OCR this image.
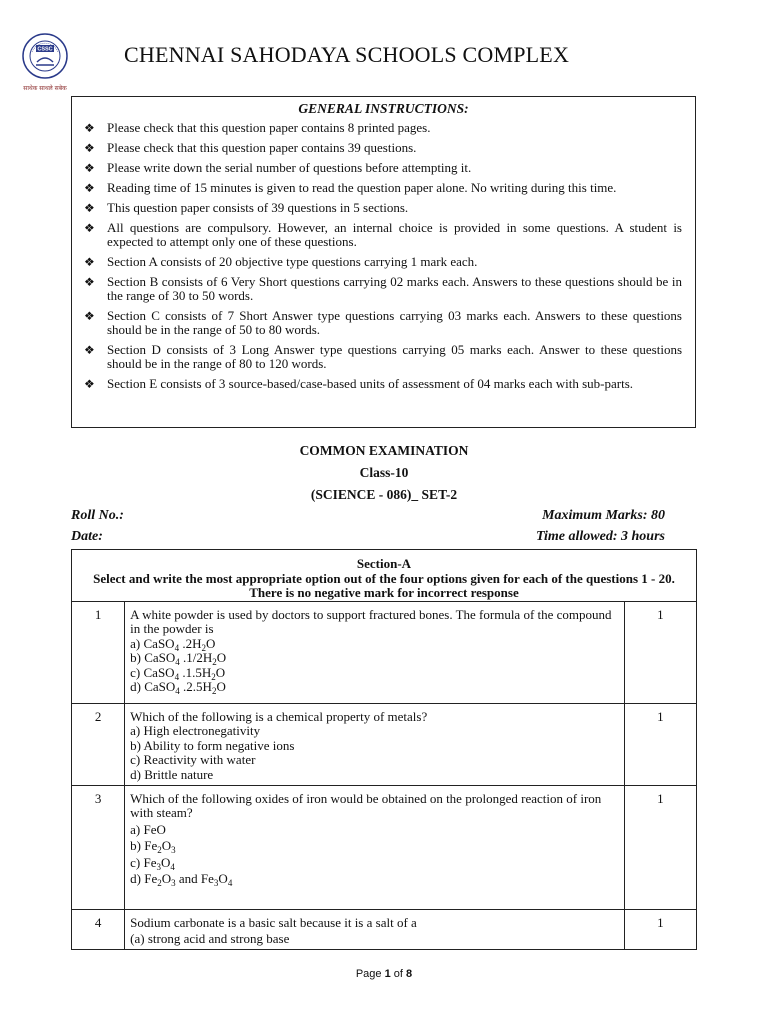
CSSC
साथेक साथले सबेक
CHENNAI SAHODAYA SCHOOLS COMPLEX
GENERAL INSTRUCTIONS:
❖ Please check that this question paper contains 8 printed pages.
❖ Please check that this question paper contains 39 questions.
❖ Please write down the serial number of questions before attempting it.
❖ Reading time of 15 minutes is given to read the question paper alone. No writing during this time.
❖ This question paper consists of 39 questions in 5 sections.
❖ All questions are compulsory. However, an internal choice is provided in some questions. A student is expected to attempt only one of these questions.
❖ Section A consists of 20 objective type questions carrying 1 mark each.
❖ Section B consists of 6 Very Short questions carrying 02 marks each. Answers to these questions should be in the range of 30 to 50 words.
❖ Section C consists of 7 Short Answer type questions carrying 03 marks each. Answers to these questions should be in the range of 50 to 80 words.
❖ Section D consists of 3 Long Answer type questions carrying 05 marks each. Answer to these questions should be in the range of 80 to 120 words.
❖ Section E consists of 3 source-based/case-based units of assessment of 04 marks each with sub-parts.
COMMON EXAMINATION
Class-10
(SCIENCE - 086)_ SET-2
Roll No.:	Maximum Marks: 80
Date:	Time allowed: 3 hours
Section-A
Select and write the most appropriate option out of the four options given for each of the questions 1 - 20. There is no negative mark for incorrect response		

1	A white powder is used by doctors to support fractured bones. The formula of the compound in the powder is
a) CaSO$_4$ $.2H_2O$
b) CaSO$_4$ $.1/2H_2O$
c) CaSO$_4$ $.1.5H_2O$
d) CaSO$_4$ $.2.5H_2O$	1
2	Which of the following is a chemical property of metals?
a) High electronegativity
b) Ability to form negative ions
c) Reactivity with water
d) Brittle nature	1
3	Which of the following oxides of iron would be obtained on the prolonged reaction of iron with steam?
a) FeO
b) $Fe_2O_3$
c) $Fe_3O_4$
d) $Fe_2O_3$ and $Fe_3O_4$	1
4	Sodium carbonate is a basic salt because it is a salt of a
(a) strong acid and strong base	1
Page 1 of 8
